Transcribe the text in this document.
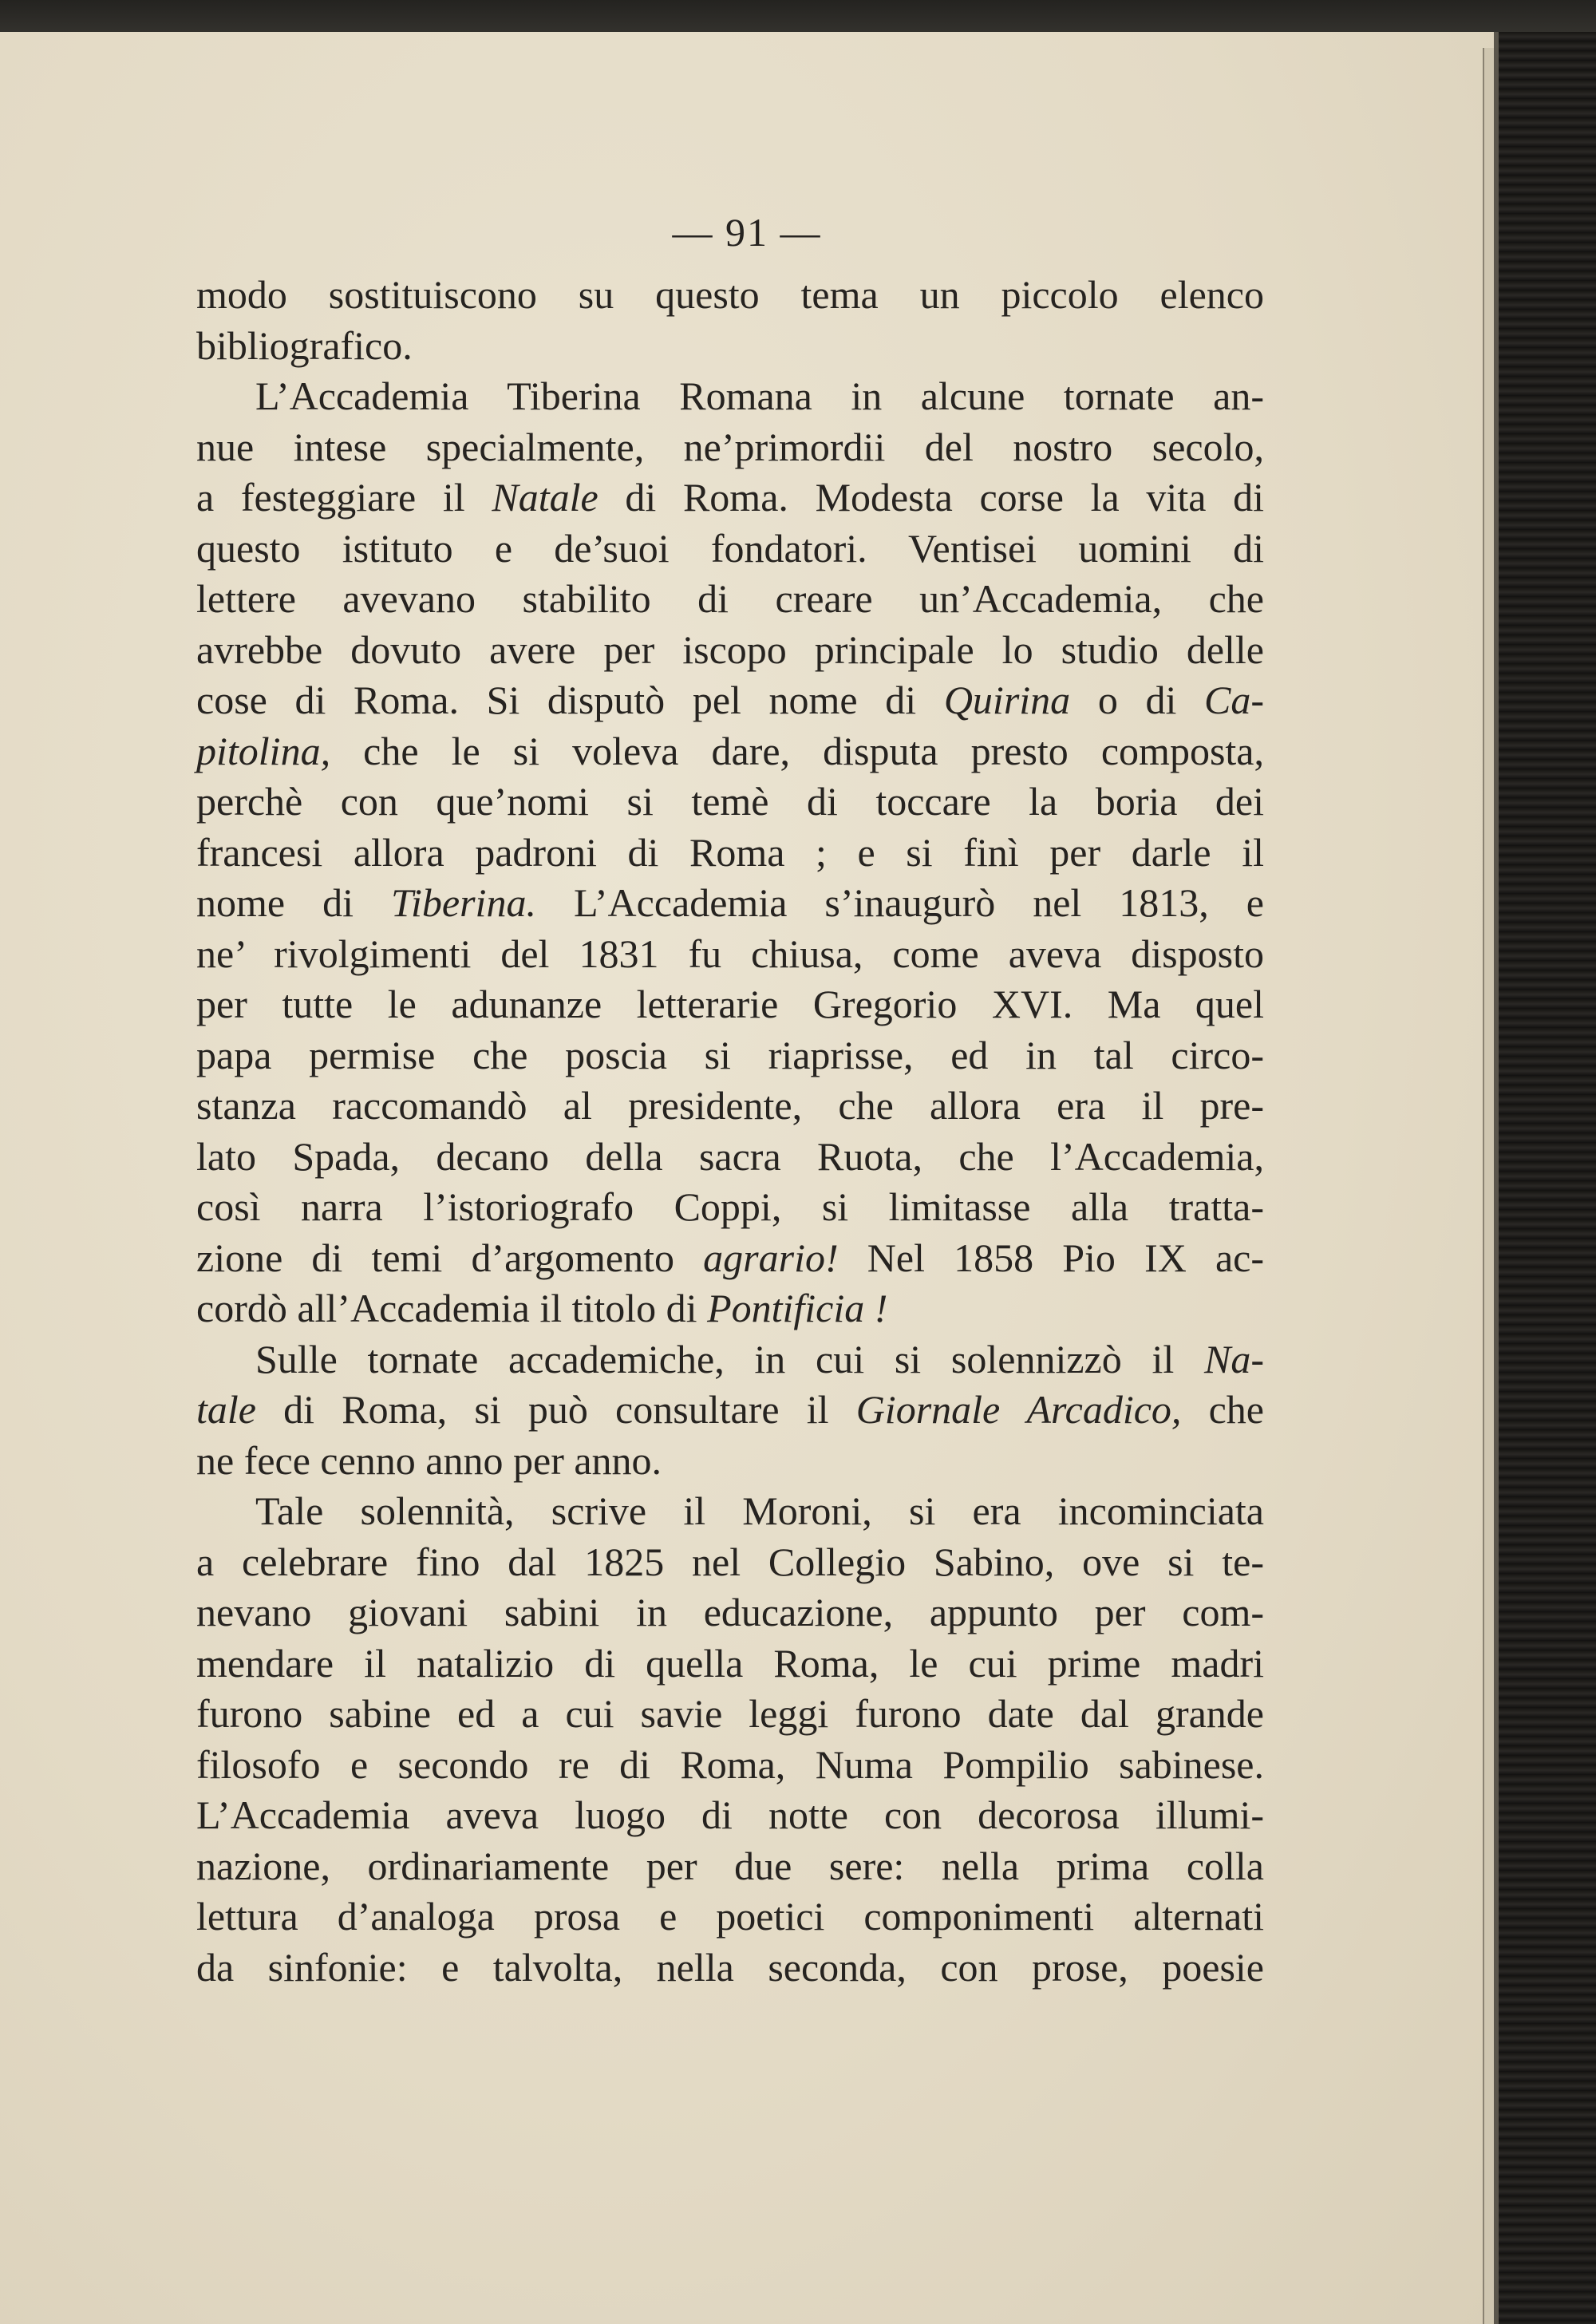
— 91 —
modo sostituiscono su questo tema un piccolo elenco
bibliografico.
L’Accademia Tiberina Romana in alcune tornate an-
nue intese specialmente, ne’primordii del nostro secolo,
a festeggiare il Natale di Roma. Modesta corse la vita di
questo istituto e de’suoi fondatori. Ventisei uomini di
lettere avevano stabilito di creare un’Accademia, che
avrebbe dovuto avere per iscopo principale lo studio delle
cose di Roma. Si disputò pel nome di Quirina o di Ca-
pitolina, che le si voleva dare, disputa presto composta,
perchè con que’nomi si temè di toccare la boria dei
francesi allora padroni di Roma ; e si finì per darle il
nome di Tiberina. L’Accademia s’inaugurò nel 1813, e
ne’ rivolgimenti del 1831 fu chiusa, come aveva disposto
per tutte le adunanze letterarie Gregorio XVI. Ma quel
papa permise che poscia si riaprisse, ed in tal circo-
stanza raccomandò al presidente, che allora era il pre-
lato Spada, decano della sacra Ruota, che l’Accademia,
così narra l’istoriografo Coppi, si limitasse alla tratta-
zione di temi d’argomento agrario! Nel 1858 Pio IX ac-
cordò all’Accademia il titolo di Pontificia !
Sulle tornate accademiche, in cui si solennizzò il Na-
tale di Roma, si può consultare il Giornale Arcadico, che
ne fece cenno anno per anno.
Tale solennità, scrive il Moroni, si era incominciata
a celebrare fino dal 1825 nel Collegio Sabino, ove si te-
nevano giovani sabini in educazione, appunto per com-
mendare il natalizio di quella Roma, le cui prime madri
furono sabine ed a cui savie leggi furono date dal grande
filosofo e secondo re di Roma, Numa Pompilio sabinese.
L’Accademia aveva luogo di notte con decorosa illumi-
nazione, ordinariamente per due sere: nella prima colla
lettura d’analoga prosa e poetici componimenti alternati
da sinfonie: e talvolta, nella seconda, con prose, poesie
